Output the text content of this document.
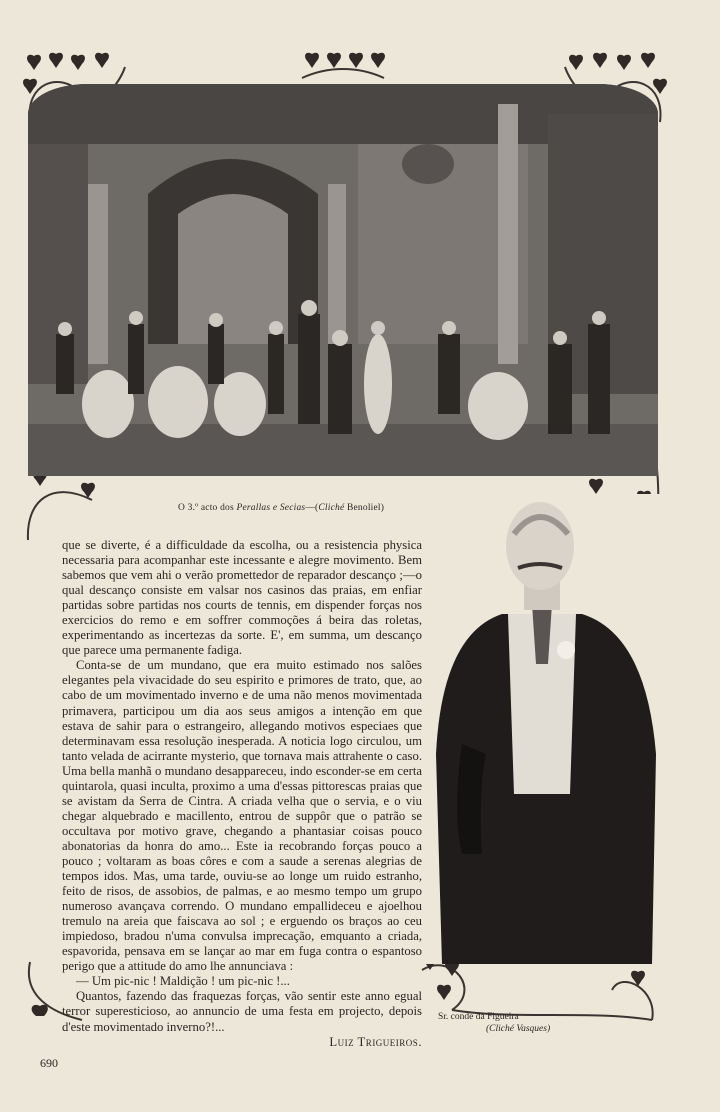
O 3.º acto dos Perallas e Secias—(Cliché Benoliel)

que se diverte, é a difficuldade da escolha, ou a resistencia physica necessaria para acompanhar este incessante e alegre movimento. Bem sabemos que vem ahi o verão promettedor de reparador descanço ;—o qual descanço consiste em valsar nos casinos das praias, em enfiar partidas sobre partidas nos courts de tennis, em dispender forças nos exercicios do remo e em soffrer commoções á beira das roletas, experimentando as incertezas da sorte. E', em summa, um descanço que parece uma permanente fadiga.

Conta-se de um mundano, que era muito estimado nos salões elegantes pela vivacidade do seu espirito e primores de trato, que, ao cabo de um movimentado inverno e de uma não menos movimentada primavera, participou um dia aos seus amigos a intenção em que estava de sahir para o estrangeiro, allegando motivos especiaes que determinavam essa resolução inesperada. A noticia logo circulou, um tanto velada de acirrante mysterio, que tornava mais attrahente o caso. Uma bella manhã o mundano desappareceu, indo esconder-se em certa quintarola, quasi inculta, proximo a uma d'essas pittorescas praias que se avistam da Serra de Cintra. A criada velha que o servia, e o viu chegar alquebrado e macillento, entrou de suppôr que o patrão se occultava por motivo grave, chegando a phantasiar coisas pouco abonatorias da honra do amo... Este ia recobrando forças pouco a pouco ; voltaram as boas côres e com a saude a serenas alegrias de tempos idos. Mas, uma tarde, ouviu-se ao longe um ruido estranho, feito de risos, de assobios, de palmas, e ao mesmo tempo um grupo numeroso avançava correndo. O mundano empallideceu e ajoelhou tremulo na areia que faiscava ao sol ; e erguendo os braços ao ceu impiedoso, bradou n'uma convulsa imprecação, emquanto a criada, espavorida, pensava em se lançar ao mar em fuga contra o espantoso perigo que a attitude do amo lhe annunciava :

— Um pic-nic ! Maldição ! um pic-nic !...

Quantos, fazendo das fraquezas forças, vão sentir este anno egual terror superesticioso, ao annuncio de uma festa em projecto, depois d'este movimentado inverno?!...

Luiz Trigueiros.

Sr. conde da Figueira
(Cliché Vasques)
690
